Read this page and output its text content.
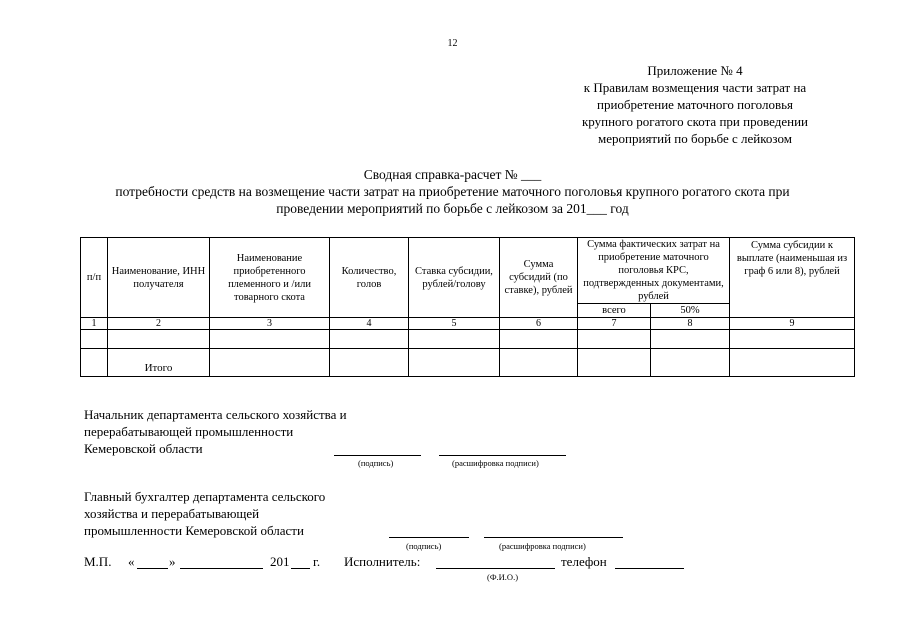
12
Приложение № 4
к Правилам возмещения части затрат на
приобретение маточного поголовья
крупного рогатого скота при проведении
мероприятий по борьбе с лейкозом
Сводная справка-расчет № ___
потребности средств на возмещение части затрат на приобретение маточного поголовья крупного рогатого скота при
проведении мероприятий по борьбе с лейкозом за 201___ год
п/п	Наименование, ИНН получателя	Наименование приобретенного племенного и /или товарного скота	Количество, голов	Ставка субсидии, рублей/голову	Сумма субсидий (по ставке), рублей	Сумма фактических затрат на приобретение маточного поголовья КРС, подтвержденных документами, рублей		Сумма субсидии к выплате (наименьшая из граф 6 или 8), рублей
						всего	50%	
1	2	3	4	5	6	7	8	9

	Итого							
Начальник департамента сельского хозяйства и
перерабатывающей промышленности
Кемеровской области
(подпись)	(расшифровка подписи)
Главный бухгалтер департамента сельского
хозяйства и перерабатывающей
промышленности Кемеровской области
(подпись)	(расшифровка подписи)
М.П. «	»	201 г. Исполнитель:	телефон
(Ф.И.О.)
